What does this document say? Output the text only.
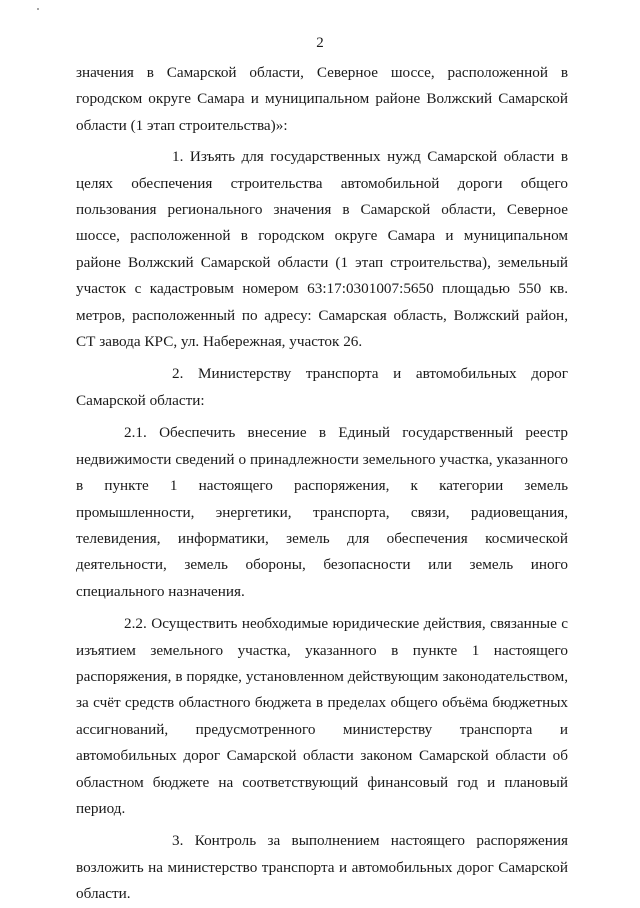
2

значения в Самарской области, Северное шоссе, расположенной в городском округе Самара и муниципальном районе Волжский Самарской области (1 этап строительства)»:

1. Изъять для государственных нужд Самарской области в целях обеспечения строительства автомобильной дороги общего пользования регионального значения в Самарской области, Северное шоссе, расположенной в городском округе Самара и муниципальном районе Волжский Самарской области (1 этап строительства), земельный участок с кадастровым номером 63:17:0301007:5650 площадью 550 кв. метров, расположенный по адресу: Самарская область, Волжский район, СТ завода КРС, ул. Набережная, участок 26.

2. Министерству транспорта и автомобильных дорог Самарской области:

2.1. Обеспечить внесение в Единый государственный реестр недвижимости сведений о принадлежности земельного участка, указанного в пункте 1 настоящего распоряжения, к категории земель промышленности, энергетики, транспорта, связи, радиовещания, телевидения, информатики, земель для обеспечения космической деятельности, земель обороны, безопасности или земель иного специального назначения.

2.2. Осуществить необходимые юридические действия, связанные с изъятием земельного участка, указанного в пункте 1 настоящего распоряжения, в порядке, установленном действующим законодательством, за счёт средств областного бюджета в пределах общего объёма бюджетных ассигнований, предусмотренного министерству транспорта и автомобильных дорог Самарской области законом Самарской области об областном бюджете на соответствующий финансовый год и плановый период.

3. Контроль за выполнением настоящего распоряжения возложить на министерство транспорта и автомобильных дорог Самарской области.
